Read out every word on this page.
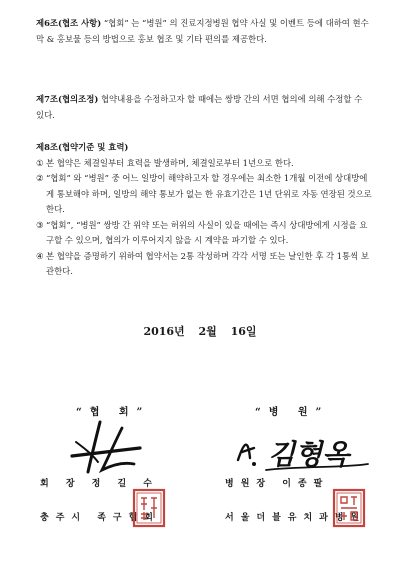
제6조(협조 사항) “협회” 는 “병원” 의 진료지정병원 협약 사실 및 이벤트 등에 대하여 현수막 & 홍보물 등의 방법으로 홍보 협조 및 기타 편의를 제공한다.

제7조(협의조정) 협약내용을 수정하고자 할 때에는 쌍방 간의 서면 협의에 의해 수정할 수 있다.

제8조(협약기준 및 효력)

① 본 협약은 체결일부터 효력을 발생하며, 체결일로부터 1년으로 한다.
② “협회” 와 “병원” 중 어느 일방이 해약하고자 할 경우에는 최소한 1개월 이전에 상대방에게 통보해야 하며, 일방의 해약 통보가 없는 한 유효기간은 1년 단위로 자동 연장된 것으로 한다.
③ “협회”, “병원” 쌍방 간 위약 또는 허위의 사실이 있을 때에는 즉시 상대방에게 시정을 요구할 수 있으며, 협의가 이루어지지 않을 시 계약을 파기할 수 있다.
④ 본 협약을 증명하기 위하여 협약서는 2통 작성하며 각각 서명 또는 날인한 후 각 1통씩 보관한다.
2016년 2월 16일
“협 회”	“병 원”
김형옥
회 장 정 길 수
충주시 족구협회
병원장 이종팔
서울더블유치과병원
